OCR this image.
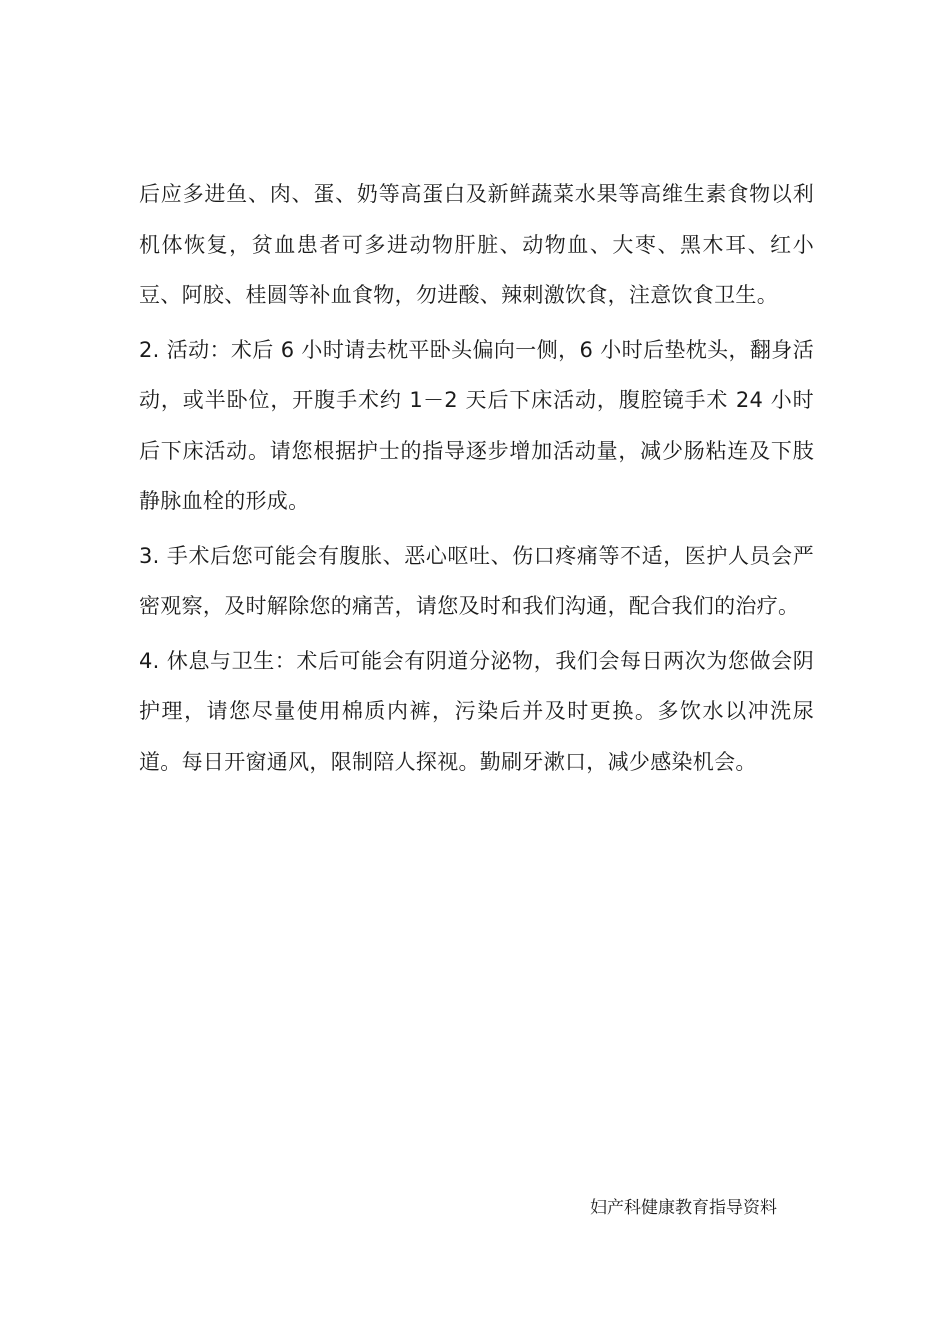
后应多进鱼、肉、蛋、奶等高蛋白及新鲜蔬菜水果等高维生素食物以利机体恢复，贫血患者可多进动物肝脏、动物血、大枣、黑木耳、红小豆、阿胶、桂圆等补血食物，勿进酸、辣刺激饮食，注意饮食卫生。

2. 活动：术后 6 小时请去枕平卧头偏向一侧，6 小时后垫枕头，翻身活动，或半卧位，开腹手术约 1－2 天后下床活动，腹腔镜手术 24 小时后下床活动。请您根据护士的指导逐步增加活动量，减少肠粘连及下肢静脉血栓的形成。

3. 手术后您可能会有腹胀、恶心呕吐、伤口疼痛等不适，医护人员会严密观察，及时解除您的痛苦，请您及时和我们沟通，配合我们的治疗。

4. 休息与卫生：术后可能会有阴道分泌物，我们会每日两次为您做会阴护理，请您尽量使用棉质内裤，污染后并及时更换。多饮水以冲洗尿道。每日开窗通风，限制陪人探视。勤刷牙漱口，减少感染机会。

妇产科健康教育指导资料
